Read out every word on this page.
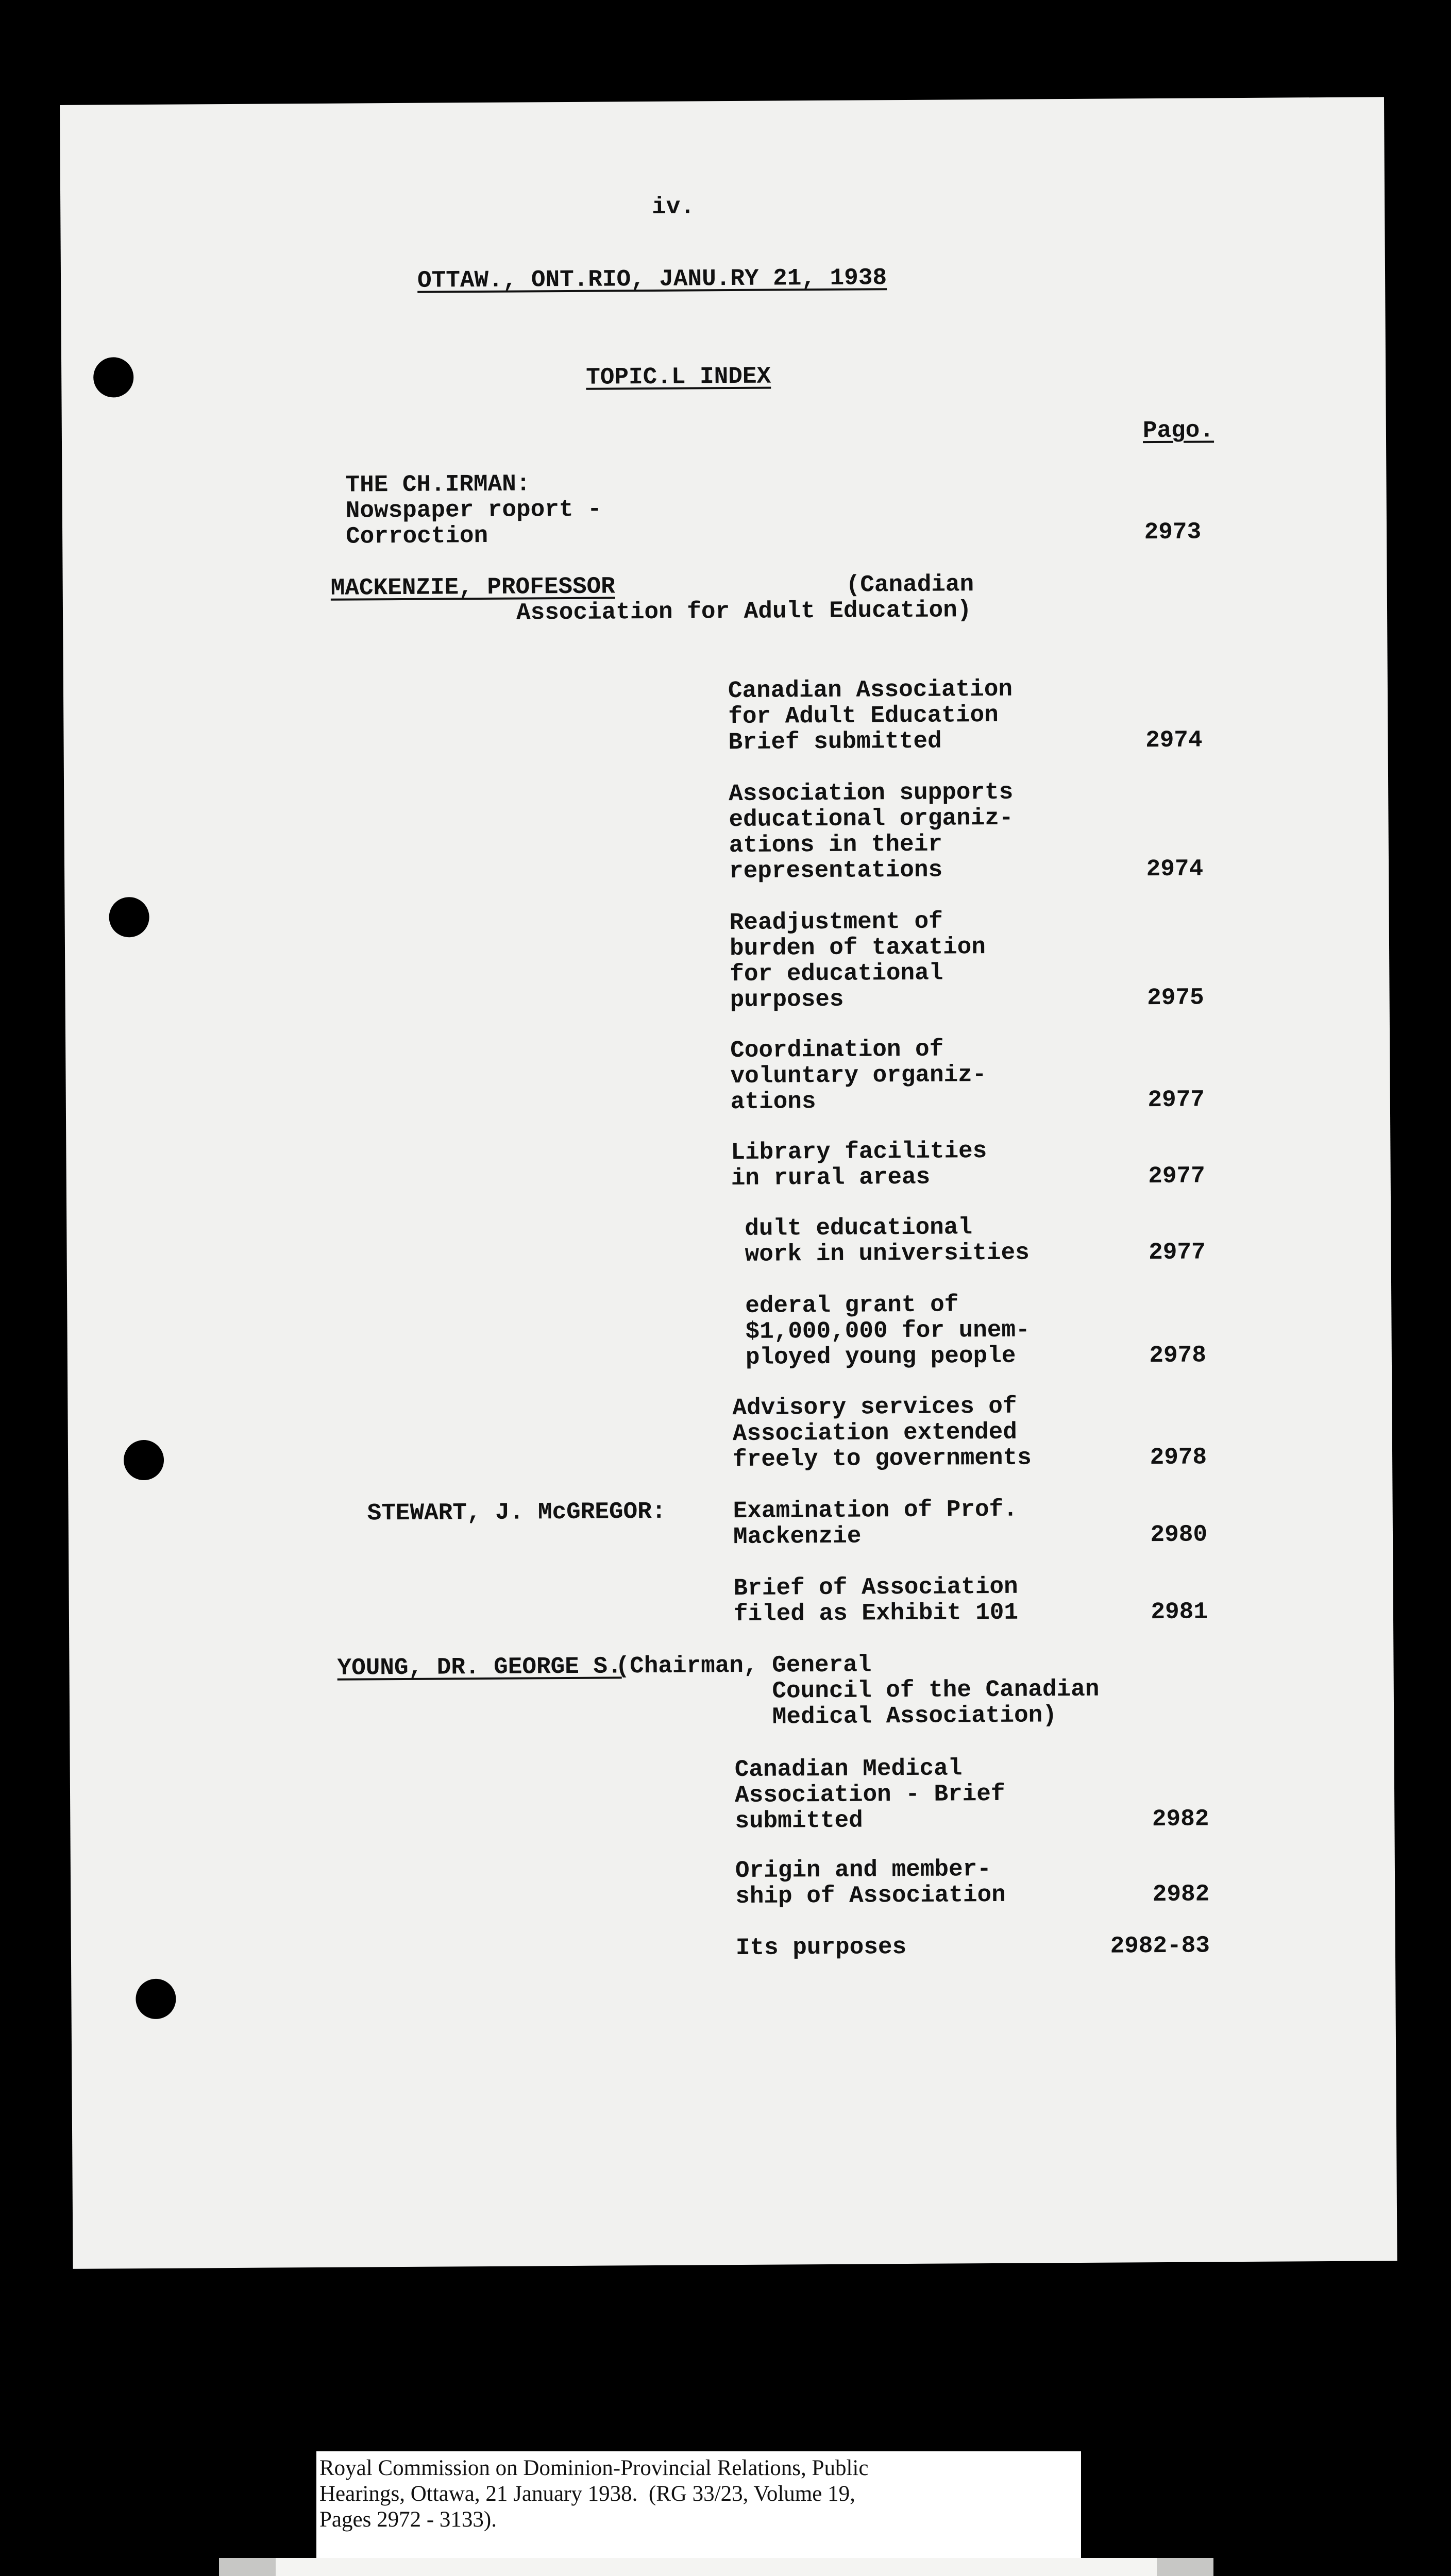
iv.
OTTAW., ONT.RIO, JANU.RY 21, 1938
TOPIC.L INDEX
Pago.
THE CH.IRMAN:
Nowspaper roport -
Corroction	2973
MACKENZIE, PROFESSOR	(Canadian
Association for Adult Education)
Canadian Association
for Adult Education
Brief submitted	2974
Association supports
educational organiz-
ations in their
representations	2974
Readjustment of
burden of taxation
for educational
purposes	2975
Coordination of
voluntary organiz-
ations	2977
Library facilities
in rural areas	2977
dult educational
work in universities	2977
ederal grant of
$1,000,000 for unem-
ployed young people	2978
Advisory services of
Association extended
freely to governments	2978
STEWART, J. McGREGOR:	Examination of Prof.
Mackenzie	2980
Brief of Association
filed as Exhibit 101	2981
YOUNG, DR. GEORGE S.
(Chairman, General
Council of the Canadian
Medical Association)
Canadian Medical
Association - Brief
submitted	2982
Origin and member-
ship of Association	2982
Its purposes	2982-83
Royal Commission on Dominion-Provincial Relations, Public
Hearings, Ottawa, 21 January 1938.  (RG 33/23, Volume 19,
Pages 2972 - 3133).
